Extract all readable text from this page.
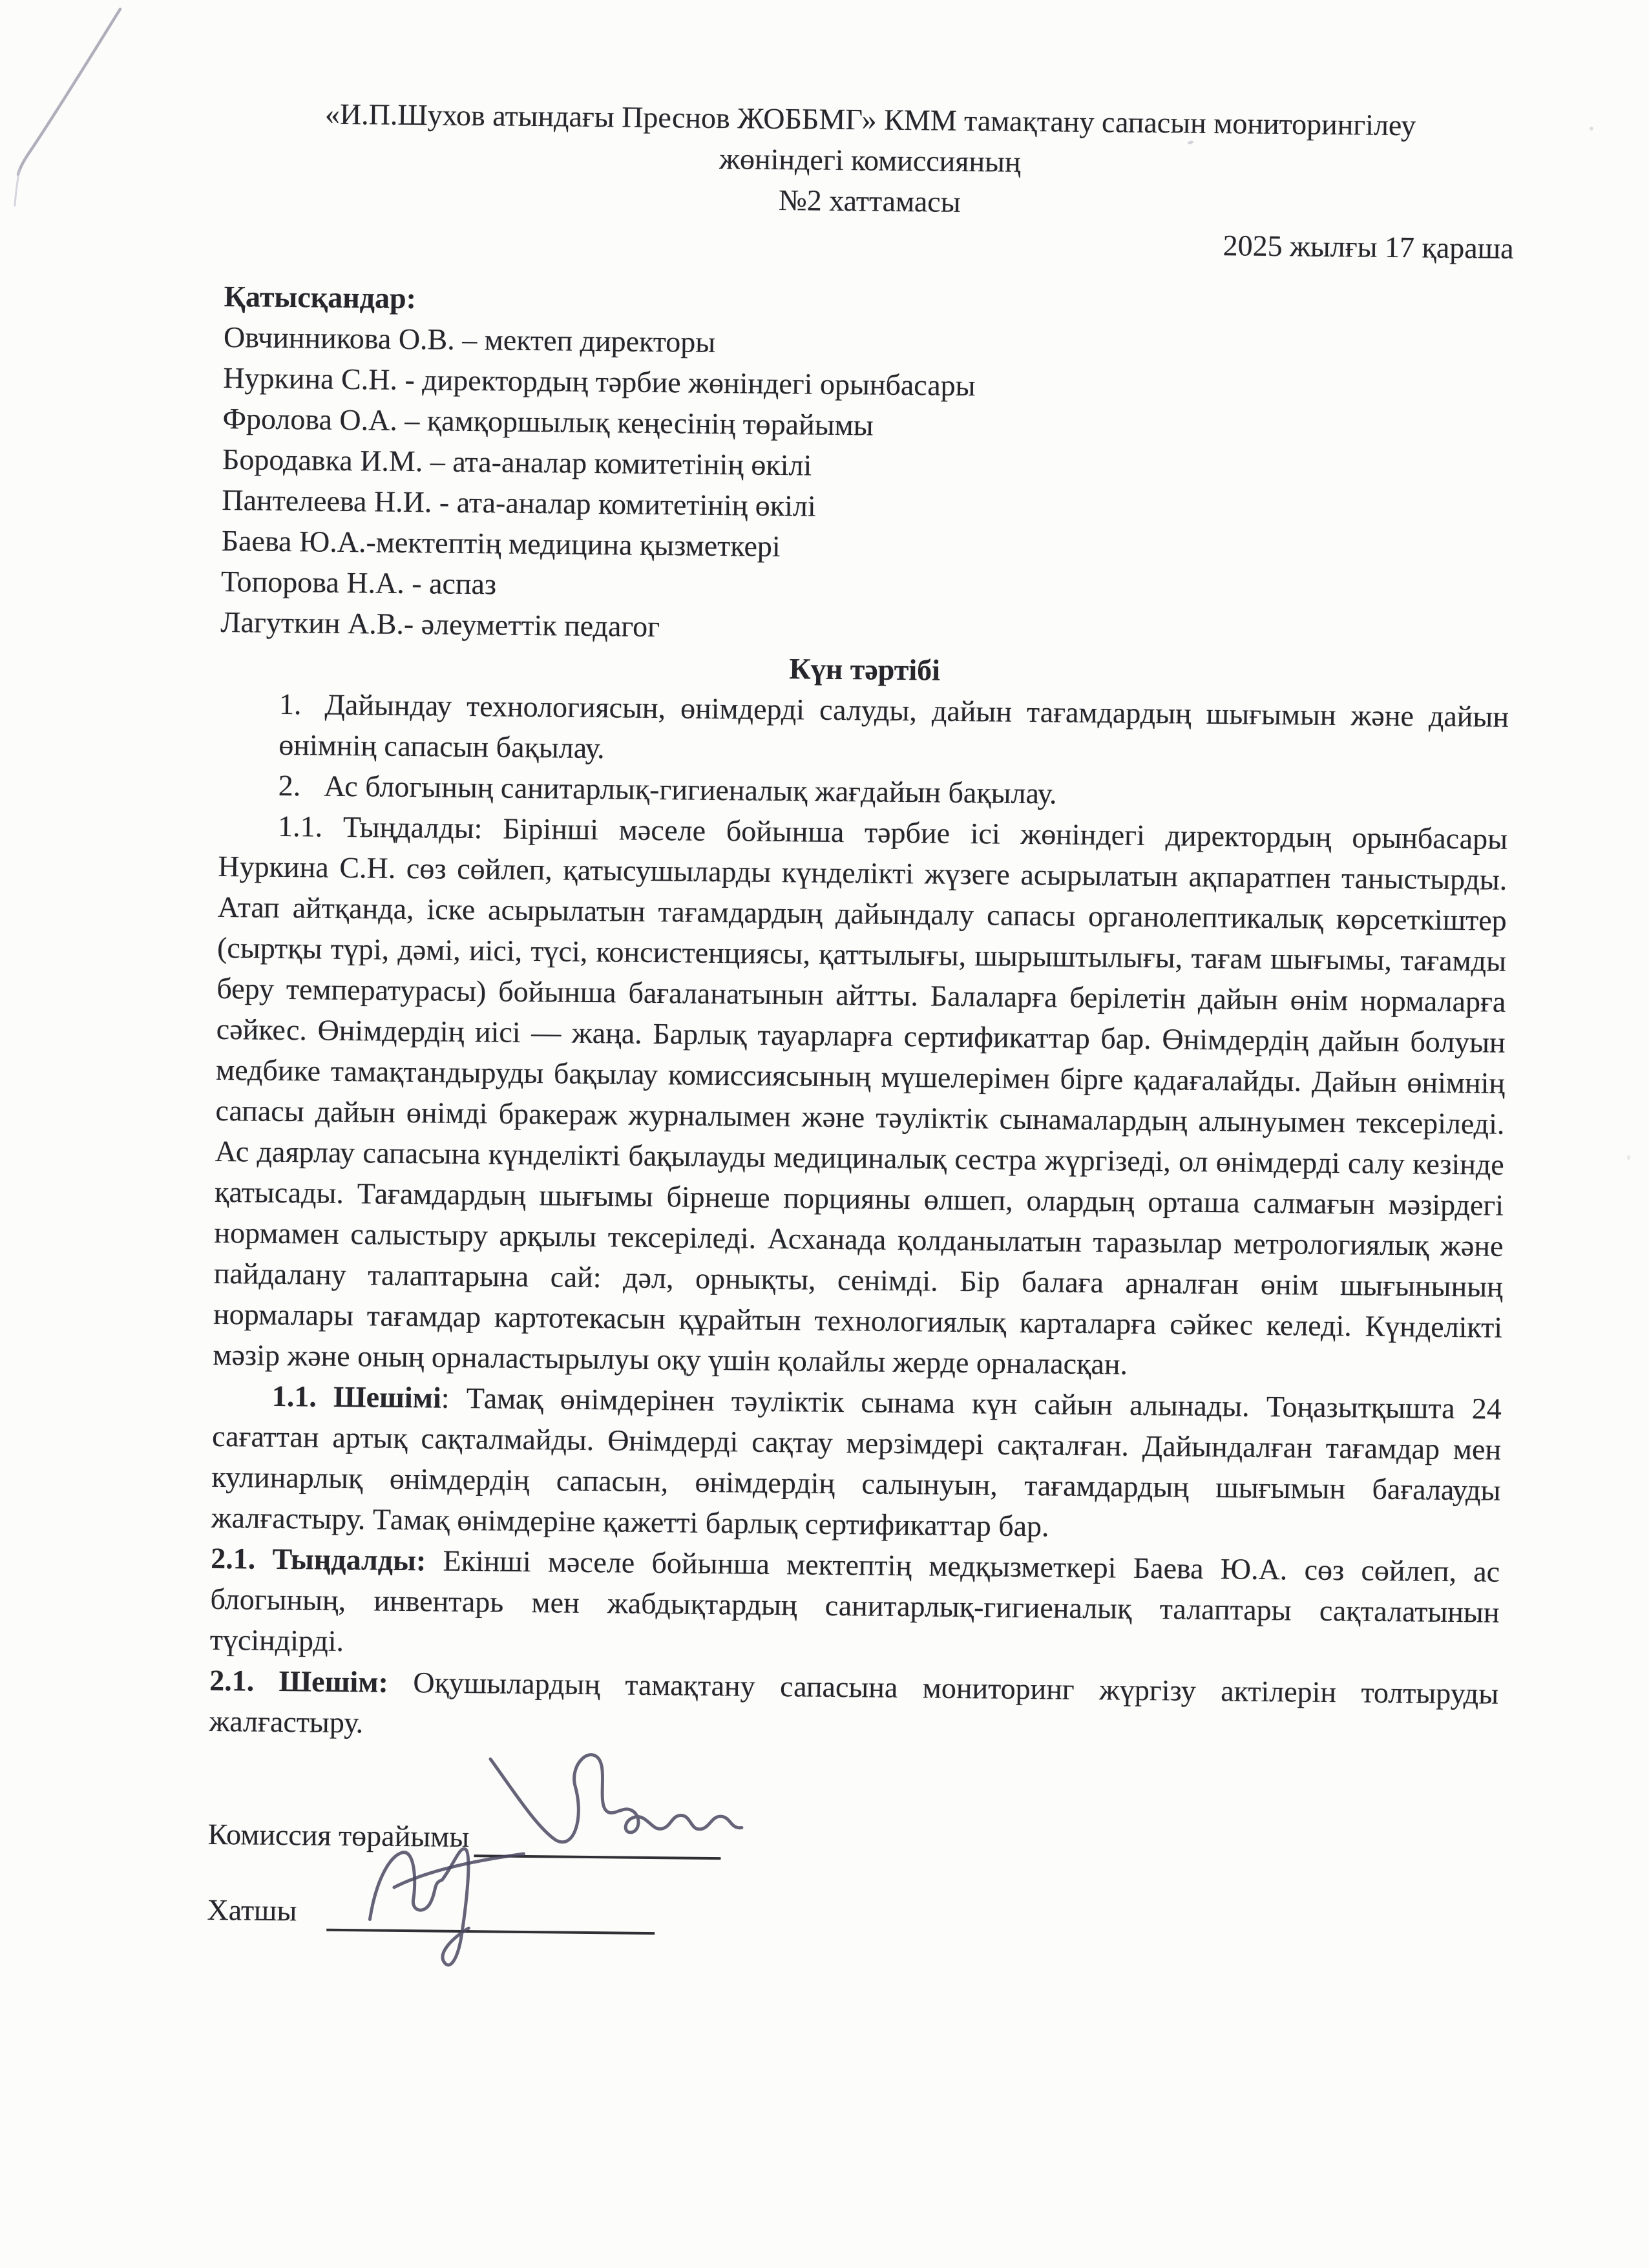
«И.П.Шухов атындағы Преснов ЖОББМГ» КММ тамақтану сапасын мониторингілеу
жөніндегі комиссияның
№2 хаттамасы
2025 жылғы 17 қараша
Қатысқандар:
Овчинникова О.В. – мектеп директоры
Нуркина С.Н. - директордың тәрбие жөніндегі орынбасары
Фролова О.А. – қамқоршылық кеңесінің төрайымы
Бородавка И.М. – ата-аналар комитетінің өкілі
Пантелеева Н.И. - ата-аналар комитетінің өкілі
Баева Ю.А.-мектептің медицина қызметкері
Топорова Н.А. - аспаз
Лагуткин А.В.- әлеуметтік педагог
Күн тәртібі
1. Дайындау технологиясын, өнімдерді салуды, дайын тағамдардың шығымын және дайын өнімнің сапасын бақылау.
2. Ас блогының санитарлық-гигиеналық жағдайын бақылау.
1.1. Тыңдалды: Бірінші мәселе бойынша тәрбие ісі жөніндегі директордың орынбасары Нуркина С.Н. сөз сөйлеп, қатысушыларды күнделікті жүзеге асырылатын ақпаратпен таныстырды. Атап айтқанда, іске асырылатын тағамдардың дайындалу сапасы органолептикалық көрсеткіштер (сыртқы түрі, дәмі, иісі, түсі, консистенциясы, қаттылығы, шырыштылығы, тағам шығымы, тағамды беру температурасы) бойынша бағаланатынын айтты. Балаларға берілетін дайын өнім нормаларға сәйкес. Өнімдердің иісі — жаңа. Барлық тауарларға сертификаттар бар. Өнімдердің дайын болуын медбике тамақтандыруды бақылау комиссиясының мүшелерімен бірге қадағалайды. Дайын өнімнің сапасы дайын өнімді бракераж журналымен және тәуліктік сынамалардың алынуымен тексеріледі. Ас даярлау сапасына күнделікті бақылауды медициналық сестра жүргізеді, ол өнімдерді салу кезінде қатысады. Тағамдардың шығымы бірнеше порцияны өлшеп, олардың орташа салмағын мәзірдегі нормамен салыстыру арқылы тексеріледі. Асханада қолданылатын таразылар метрологиялық және пайдалану талаптарына сай: дәл, орнықты, сенімді. Бір балаға арналған өнім шығынының нормалары тағамдар картотекасын құрайтын технологиялық карталарға сәйкес келеді. Күнделікті мәзір және оның орналастырылуы оқу үшін қолайлы жерде орналасқан.
1.1. Шешімі: Тамақ өнімдерінен тәуліктік сынама күн сайын алынады. Тоңазытқышта 24 сағаттан артық сақталмайды. Өнімдерді сақтау мерзімдері сақталған. Дайындалған тағамдар мен кулинарлық өнімдердің сапасын, өнімдердің салынуын, тағамдардың шығымын бағалауды жалғастыру. Тамақ өнімдеріне қажетті барлық сертификаттар бар.
2.1. Тыңдалды: Екінші мәселе бойынша мектептің медқызметкері Баева Ю.А. сөз сөйлеп, ас блогының, инвентарь мен жабдықтардың санитарлық-гигиеналық талаптары сақталатынын түсіндірді.
2.1. Шешім: Оқушылардың тамақтану сапасына мониторинг жүргізу актілерін толтыруды жалғастыру.
Комиссия төрайымы
Хатшы
